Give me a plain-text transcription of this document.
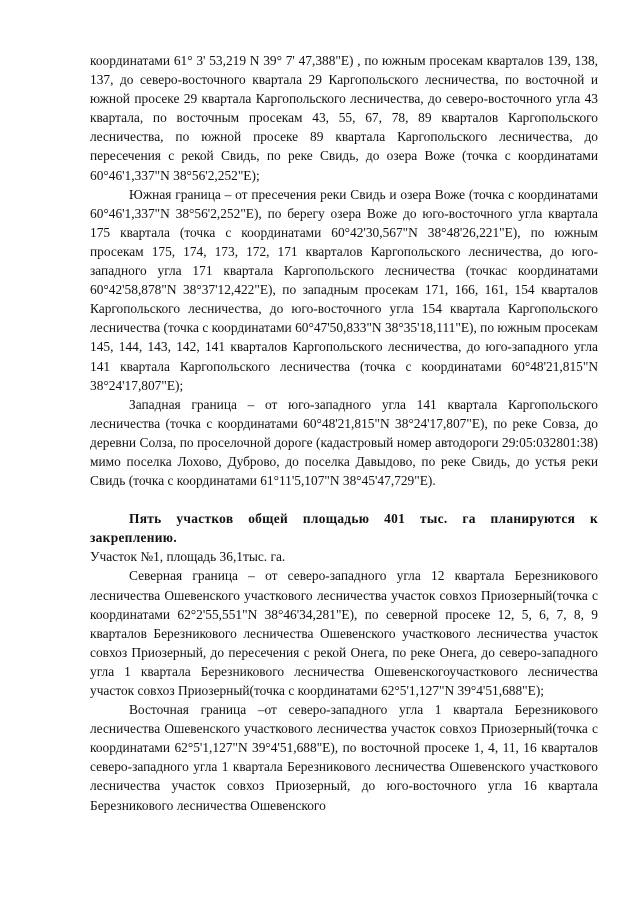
координатами 61° 3' 53,219 N 39° 7' 47,388"E) , по южным просекам кварталов 139, 138, 137, до северо-восточного квартала 29 Каргопольского лесничества, по восточной и южной просеке 29 квартала Каргопольского лесничества, до северо-восточного угла 43 квартала, по восточным просекам 43, 55, 67, 78, 89 кварталов Каргопольского лесничества, по южной просеке 89 квартала Каргопольского лесничества, до пересечения с рекой Свидь, по реке Свидь, до озера Воже (точка с координатами 60°46'1,337"N 38°56'2,252"E);

Южная граница – от пресечения реки Свидь и озера Воже (точка с координатами 60°46'1,337"N 38°56'2,252"E), по берегу озера Воже до юго-восточного угла квартала 175 квартала (точка с координатами 60°42'30,567"N 38°48'26,221"E), по южным просекам 175, 174, 173, 172, 171 кварталов Каргопольского лесничества, до юго-западного угла 171 квартала Каргопольского лесничества (точкас координатами 60°42'58,878"N 38°37'12,422"E), по западным просекам 171, 166, 161, 154 кварталов Каргопольского лесничества, до юго-восточного угла 154 квартала Каргопольского лесничества (точка с координатами 60°47'50,833"N 38°35'18,111"E), по южным просекам 145, 144, 143, 142, 141 кварталов Каргопольского лесничества, до юго-западного угла 141 квартала Каргопольского лесничества (точка с координатами 60°48'21,815"N 38°24'17,807"E);

Западная граница – от юго-западного угла 141 квартала Каргопольского лесничества (точка с координатами 60°48'21,815"N 38°24'17,807"E), по реке Совза, до деревни Солза, по проселочной дороге (кадастровый номер автодороги 29:05:032801:38) мимо поселка Лохово, Дуброво, до поселка Давыдово, по реке Свидь, до устья реки Свидь (точка с координатами 61°11'5,107"N 38°45'47,729"E).

Пять участков общей площадью 401 тыс. га планируются к закреплению.

Участок №1, площадь 36,1тыс. га.

Северная граница – от северо-западного угла 12 квартала Березникового лесничества Ошевенского участкового лесничества участок совхоз Приозерный(точка с координатами 62°2'55,551"N 38°46'34,281"E), по северной просеке 12, 5, 6, 7, 8, 9 кварталов Березникового лесничества Ошевенского участкового лесничества участок совхоз Приозерный, до пересечения с рекой Онега, по реке Онега, до северо-западного угла 1 квартала Березникового лесничества Ошевенскогоучасткового лесничества участок совхоз Приозерный(точка с координатами 62°5'1,127"N 39°4'51,688"E);

Восточная граница –от северо-западного угла 1 квартала Березникового лесничества Ошевенского участкового лесничества участок совхоз Приозерный(точка с координатами 62°5'1,127"N 39°4'51,688"E), по восточной просеке 1, 4, 11, 16 кварталов северо-западного угла 1 квартала Березникового лесничества Ошевенского участкового лесничества участок совхоз Приозерный, до юго-восточного угла 16 квартала Березникового лесничества Ошевенского
